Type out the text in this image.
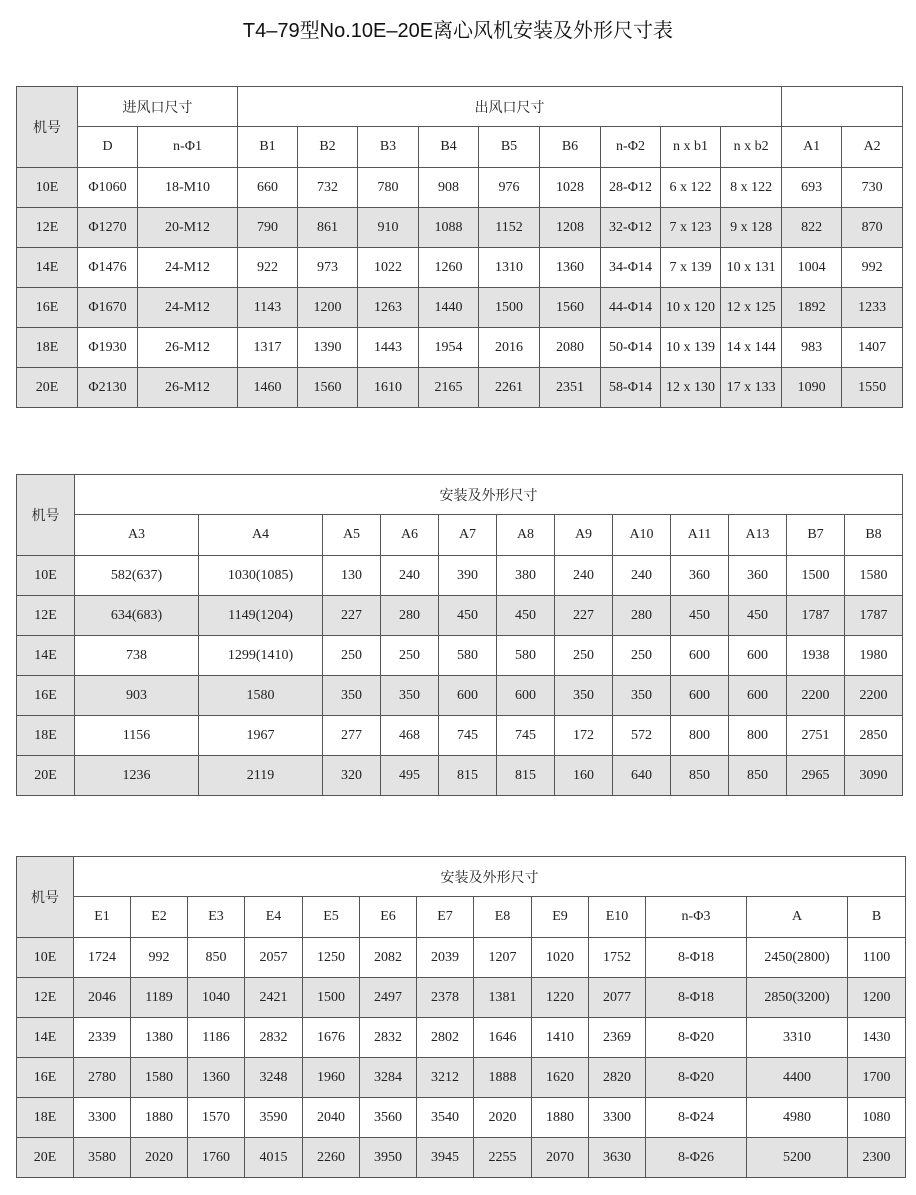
T4–79型No.10E–20E离心风机安装及外形尺寸表
机号	进风口尺寸		出风口尺寸										
	D	n-Φ1	B1	B2	B3	B4	B5	B6	n-Φ2	n x b1	n x b2	A1	A2
10E	Φ1060	18-M10	660	732	780	908	976	1028	28-Φ12	6 x 122	8 x 122	693	730
12E	Φ1270	20-M12	790	861	910	1088	1152	1208	32-Φ12	7 x 123	9 x 128	822	870
14E	Φ1476	24-M12	922	973	1022	1260	1310	1360	34-Φ14	7 x 139	10 x 131	1004	992
16E	Φ1670	24-M12	1143	1200	1263	1440	1500	1560	44-Φ14	10 x 120	12 x 125	1892	1233
18E	Φ1930	26-M12	1317	1390	1443	1954	2016	2080	50-Φ14	10 x 139	14 x 144	983	1407
20E	Φ2130	26-M12	1460	1560	1610	2165	2261	2351	58-Φ14	12 x 130	17 x 133	1090	1550
机号	安装及外形尺寸											
	A3	A4	A5	A6	A7	A8	A9	A10	A11	A13	B7	B8
10E	582(637)	1030(1085)	130	240	390	380	240	240	360	360	1500	1580
12E	634(683)	1149(1204)	227	280	450	450	227	280	450	450	1787	1787
14E	738	1299(1410)	250	250	580	580	250	250	600	600	1938	1980
16E	903	1580	350	350	600	600	350	350	600	600	2200	2200
18E	1156	1967	277	468	745	745	172	572	800	800	2751	2850
20E	1236	2119	320	495	815	815	160	640	850	850	2965	3090
机号	安装及外形尺寸												
	E1	E2	E3	E4	E5	E6	E7	E8	E9	E10	n-Φ3	A	B
10E	1724	992	850	2057	1250	2082	2039	1207	1020	1752	8-Φ18	2450(2800)	1100
12E	2046	1189	1040	2421	1500	2497	2378	1381	1220	2077	8-Φ18	2850(3200)	1200
14E	2339	1380	1186	2832	1676	2832	2802	1646	1410	2369	8-Φ20	3310	1430
16E	2780	1580	1360	3248	1960	3284	3212	1888	1620	2820	8-Φ20	4400	1700
18E	3300	1880	1570	3590	2040	3560	3540	2020	1880	3300	8-Φ24	4980	1080
20E	3580	2020	1760	4015	2260	3950	3945	2255	2070	3630	8-Φ26	5200	2300
